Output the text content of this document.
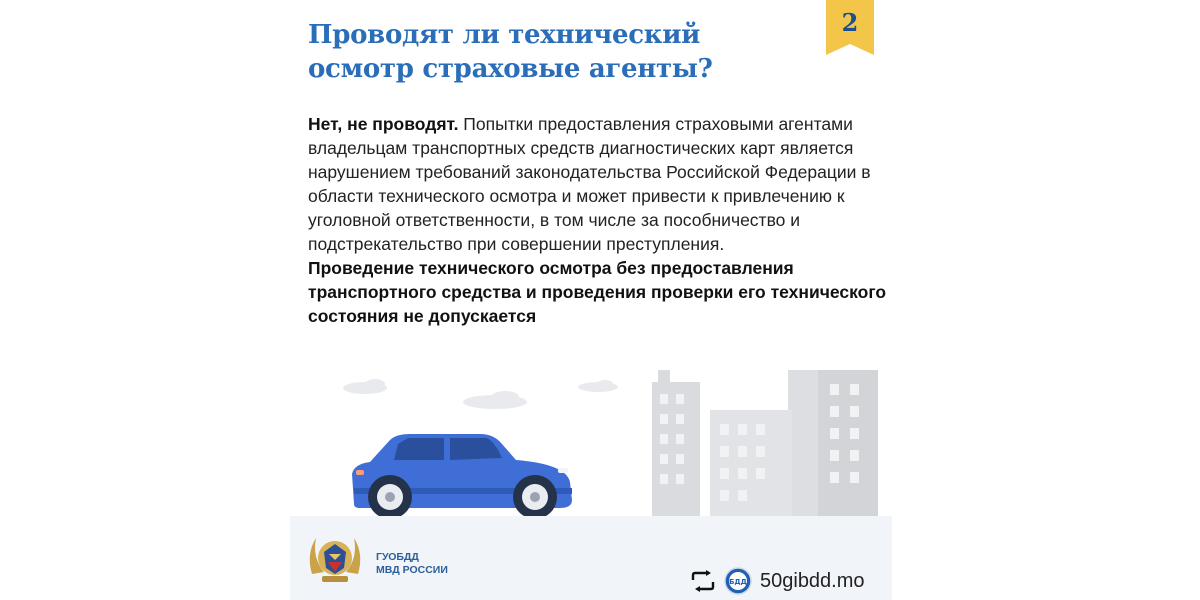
Проводят ли технический
осмотр страховые агенты?
2

Нет, не проводят. Попытки предоставления страховыми агентами владельцам транспортных средств диагностических карт является нарушением требований законодательства Российской Федерации в области технического осмотра и может привести к привлечению к уголовной ответственности, в том числе за пособничество и подстрекательство при совершении преступления.

Проведение технического осмотра без предоставления транспортного средства и проведения проверки его технического состояния не допускается

ГУОБДД
МВД РОССИИ
БДД 50gibdd.mo
